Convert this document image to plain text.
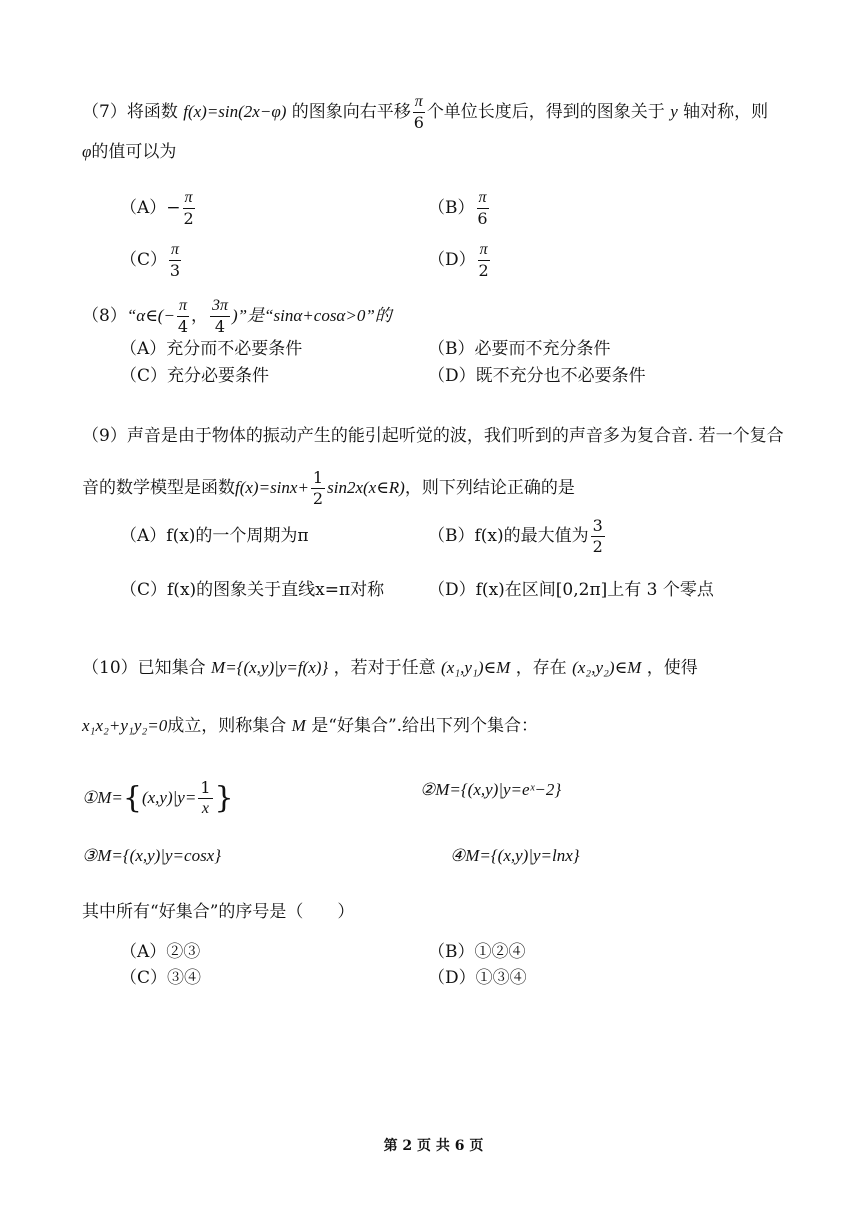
（7）将函数 f(x)=sin(2x−φ) 的图象向右平移 $\frac{\pi}{6}$ 个单位长度后，得到的图象关于 y 轴对称，则
φ的值可以为
$(A)- \frac{\pi}{2}$	$(B) \frac{\pi}{6}$
$(C) \frac{\pi}{3}$	$(D) \frac{\pi}{2}$
（8）“α∈(− $\frac{\pi}{4}$ ， $\frac{3\pi}{4}$ )”是“sinα+cosα>0”的
（A）充分而不必要条件	（B）必要而不充分条件
（C）充分必要条件	（D）既不充分也不必要条件
（9）声音是由于物体的振动产生的能引起听觉的波，我们听到的声音多为复合音. 若一个复合
音的数学模型是函数$f(x)=\sin x+ \frac{1}{2}$ sin2x(x∈R)，则下列结论正确的是
（A）f(x)的一个周期为π	（B）f(x)的最大值为 $\frac{3}{2}$
（C）f(x)的图象关于直线x=π对称	（D）f(x)在区间[0,2π]上有 3 个零点
（10）已知集合 M={(x,y)|y=f(x)} ，若对于任意 (x₁,y₁)∈M ，存在 (x₂,y₂)∈M ，使得
x₁x₂+y₁y₂=0成立，则称集合 M 是“好集合”.给出下列个集合：
①M={(x,y)|y= $\frac{1}{x}$ }	②M={(x,y)|y=eˣ−2}
③M={(x,y)|y=cosx}	④M={(x,y)|y=lnx}
其中所有“好集合”的序号是（　　）
（A）②③	（B）①②④
（C）③④	（D）①③④
第 2 页 共 6 页
